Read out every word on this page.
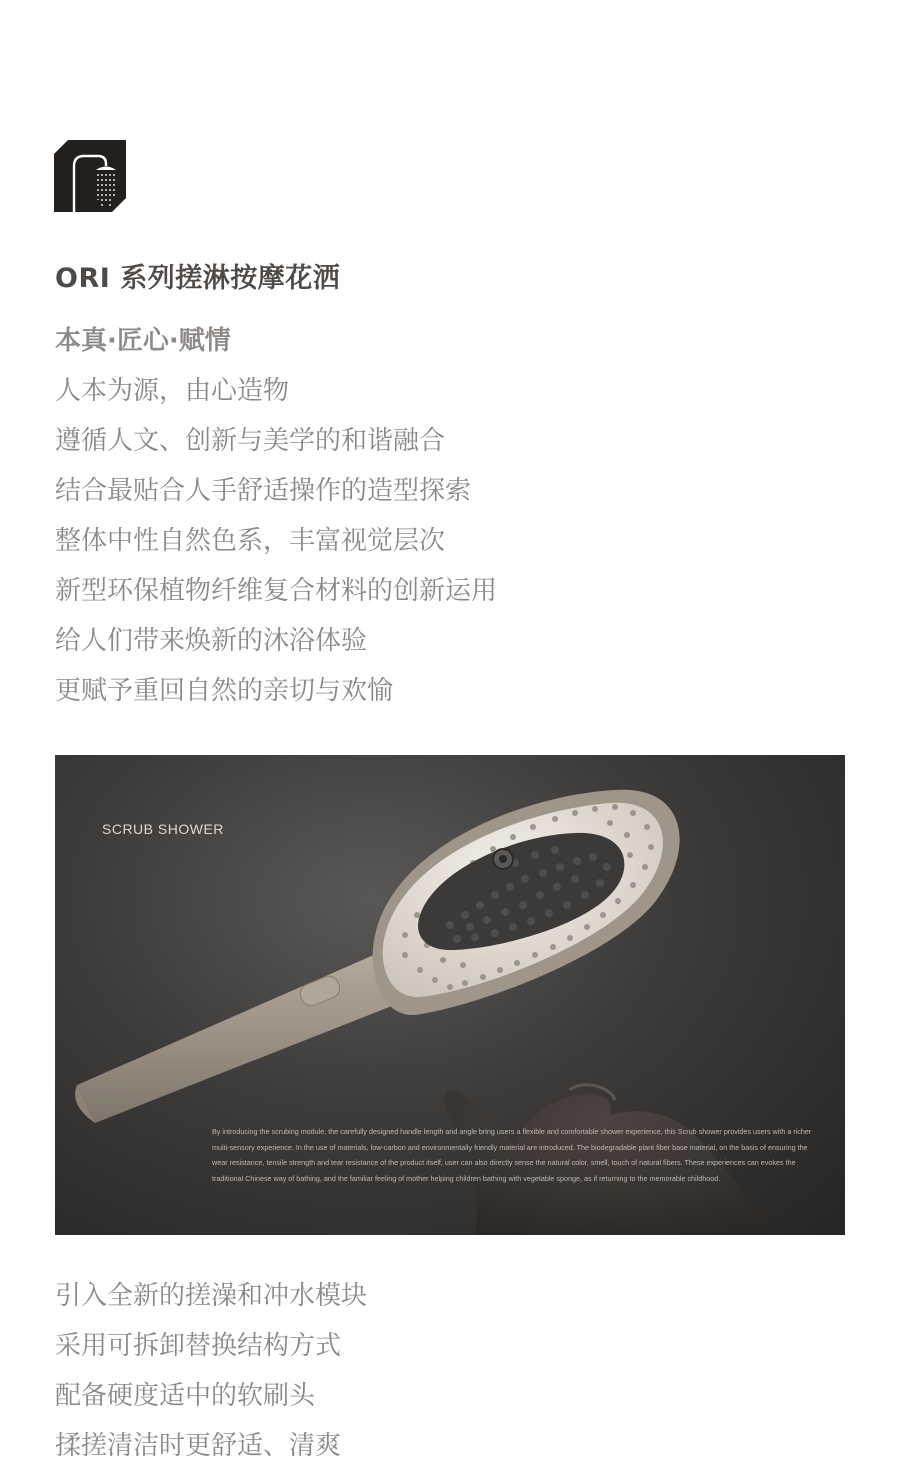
ORI 系列搓淋按摩花洒
本真·匠心·赋情
人本为源，由心造物
遵循人文、创新与美学的和谐融合
结合最贴合人手舒适操作的造型探索
整体中性自然色系，丰富视觉层次
新型环保植物纤维复合材料的创新运用
给人们带来焕新的沐浴体验
更赋予重回自然的亲切与欢愉
SCRUB SHOWER

By introducing the scrubing module, the carefully designed handle length and angle bring users a flexible and comfortable shower experience, this Scrub shower provides users with a richer multi-sensory experience. In the use of materials, low-carbon and environmentally friendly material are introduced. The biodegradable plant fiber base material, on the basis of ensuring the wear resistance, tensile strength and tear resistance of the product itself, user can also directly sense the natural color, smell, touch of natural fibers. These experiences can evokes the traditional Chinese way of bathing, and the familiar feeling of mother helping children bathing with vegetable sponge, as if returning to the memorable childhood.

引入全新的搓澡和冲水模块
采用可拆卸替换结构方式
配备硬度适中的软刷头
揉搓清洁时更舒适、清爽
